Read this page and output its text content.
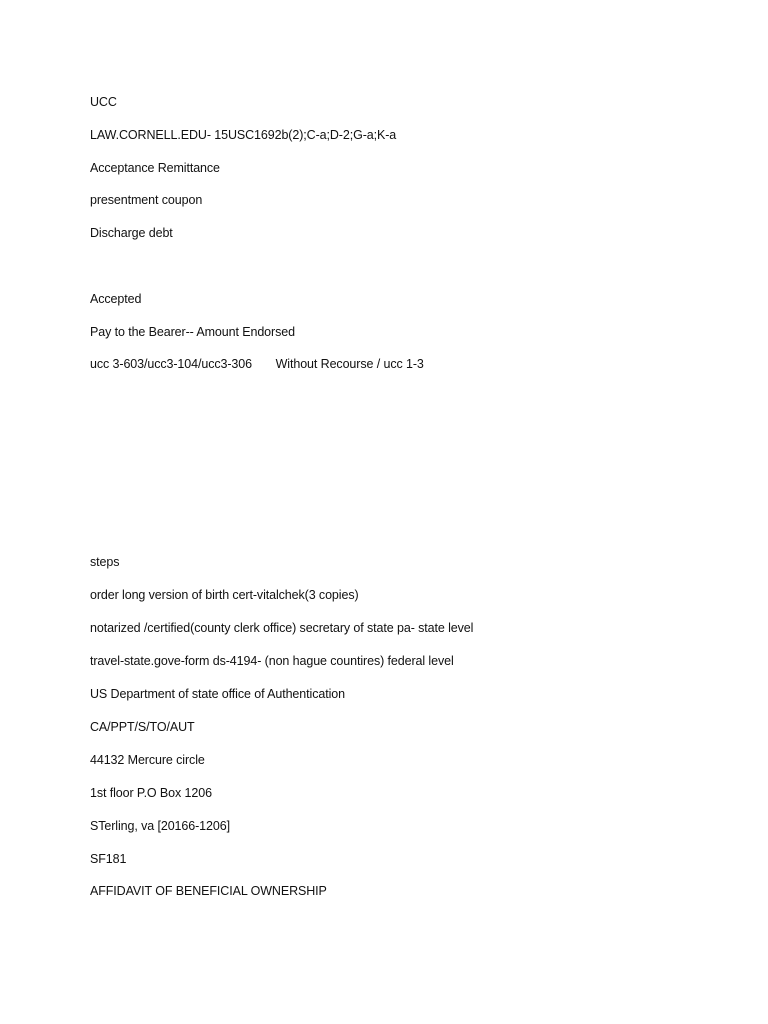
UCC
LAW.CORNELL.EDU- 15USC1692b(2);C-a;D-2;G-a;K-a
Acceptance Remittance
presentment coupon
Discharge debt
Accepted
Pay to the Bearer-- Amount Endorsed
ucc 3-603/ucc3-104/ucc3-306       Without Recourse / ucc 1-3
steps
order long version of birth cert-vitalchek(3 copies)
notarized /certified(county clerk office) secretary of state pa- state level
travel-state.gove-form ds-4194- (non hague countires) federal level
US Department of state office of Authentication
CA/PPT/S/TO/AUT
44132 Mercure circle
1st floor P.O Box 1206
STerling, va [20166-1206]
SF181
AFFIDAVIT OF BENEFICIAL OWNERSHIP
